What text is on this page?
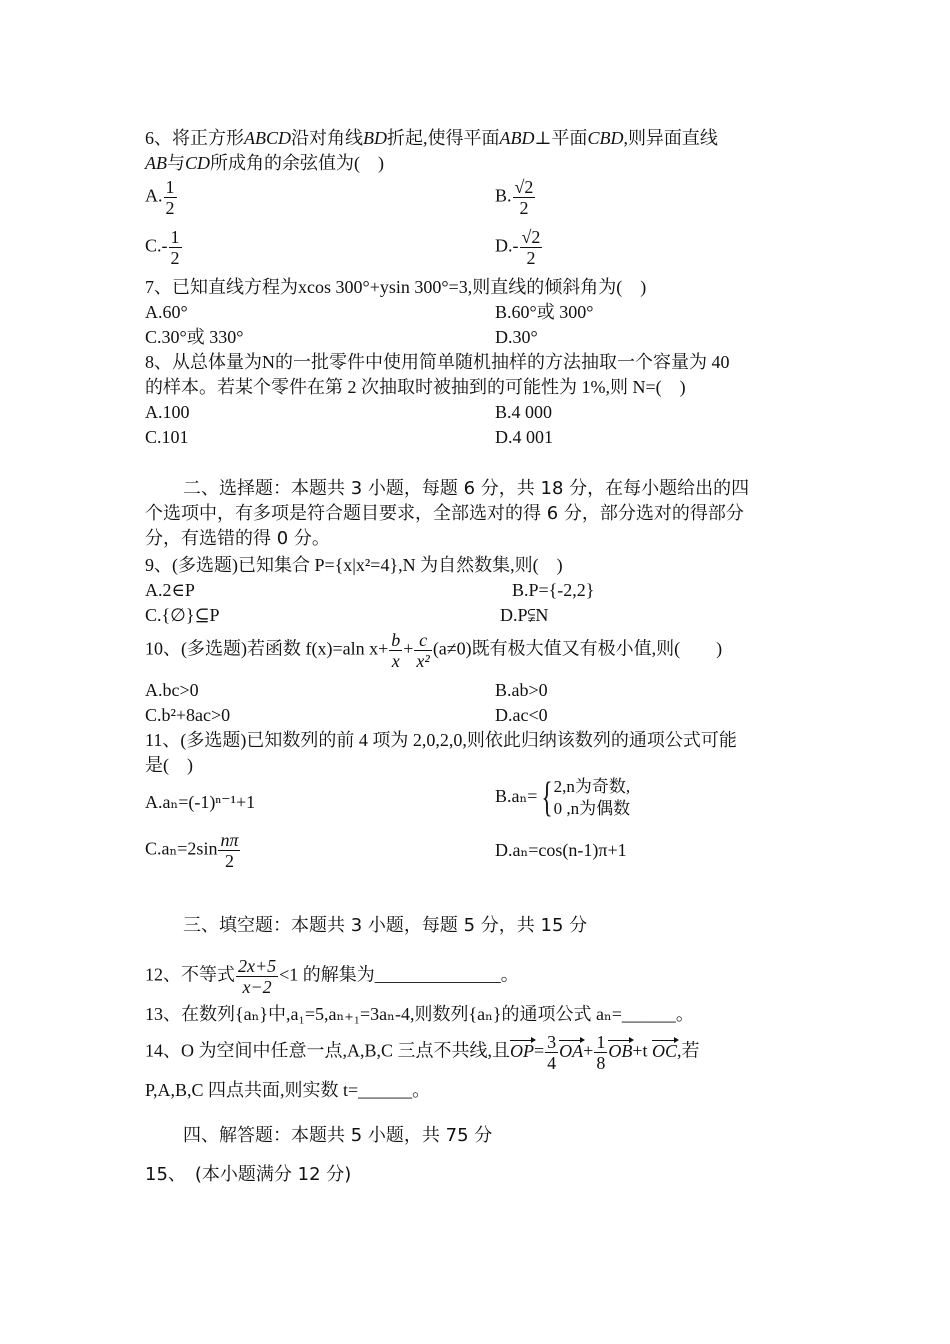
6、将正方形ABCD沿对角线BD折起,使得平面ABD⊥平面CBD,则异面直线
AB与CD所成角的余弦值为(　)
A. $\frac{1}{2}$	B. $\frac{√2}{2}$
$C.- \frac{1}{2}$	$D.- \frac{√2}{2}$
7、已知直线方程为xcos 300°+ysin 300°=3,则直线的倾斜角为(　)
A.60°	B.60°或 300°
C.30°或 330°	D.30°
8、从总体量为N的一批零件中使用简单随机抽样的方法抽取一个容量为 40
的样本。若某个零件在第 2 次抽取时被抽到的可能性为 1%,则 N=(　)
A.100	B.4 000
C.101	D.4 001
二、选择题：本题共 3 小题，每题 6 分，共 18 分，在每小题给出的四
个选项中，有多项是符合题目要求，全部选对的得 6 分，部分选对的得部分
分，有选错的得 0 分。
9、(多选题)已知集合 P={x|x²=4},N 为自然数集,则(　)
A.2∈P	B.P={-2,2}
C.{∅}⊆P	D.P⫋N
10、(多选题)若函数 f(x)=aln $x+ \frac{b}{x} + \frac{c}{\text{x²}} (a\ne 0)$既有极大值又有极小值,则(　　)
A.bc>0	B.ab>0
C.b²+8ac>0	D.ac<0
11、(多选题)已知数列的前 4 项为 2,0,2,0,则依此归纳该数列的通项公式可能
是(　)
A.aₙ=(-1)ⁿ⁻¹+1	B.aₙ= { 2,n为奇数,
0 ,n为偶数
$C.a_n=2\sin \frac{n\pi}{2}$	D.aₙ=cos(n-1)π+1
三、填空题：本题共 3 小题，每题 5 分，共 15 分
12、不等式 $\frac{2x+5}{x-2} <1$ 的解集为______________。
13、在数列{aₙ}中,a₁=5,aₙ₊₁=3aₙ-4,则数列{aₙ}的通项公式 aₙ=______。
14、O 为空间中任意一点,A,B,C 三点不共线,且$OP= \frac{3}{4} OA+ \frac{1}{8} OB+t$ OC,若
P,A,B,C 四点共面,则实数 t=______。
四、解答题：本题共 5 小题，共 75 分
15、　(本小题满分 12 分)
